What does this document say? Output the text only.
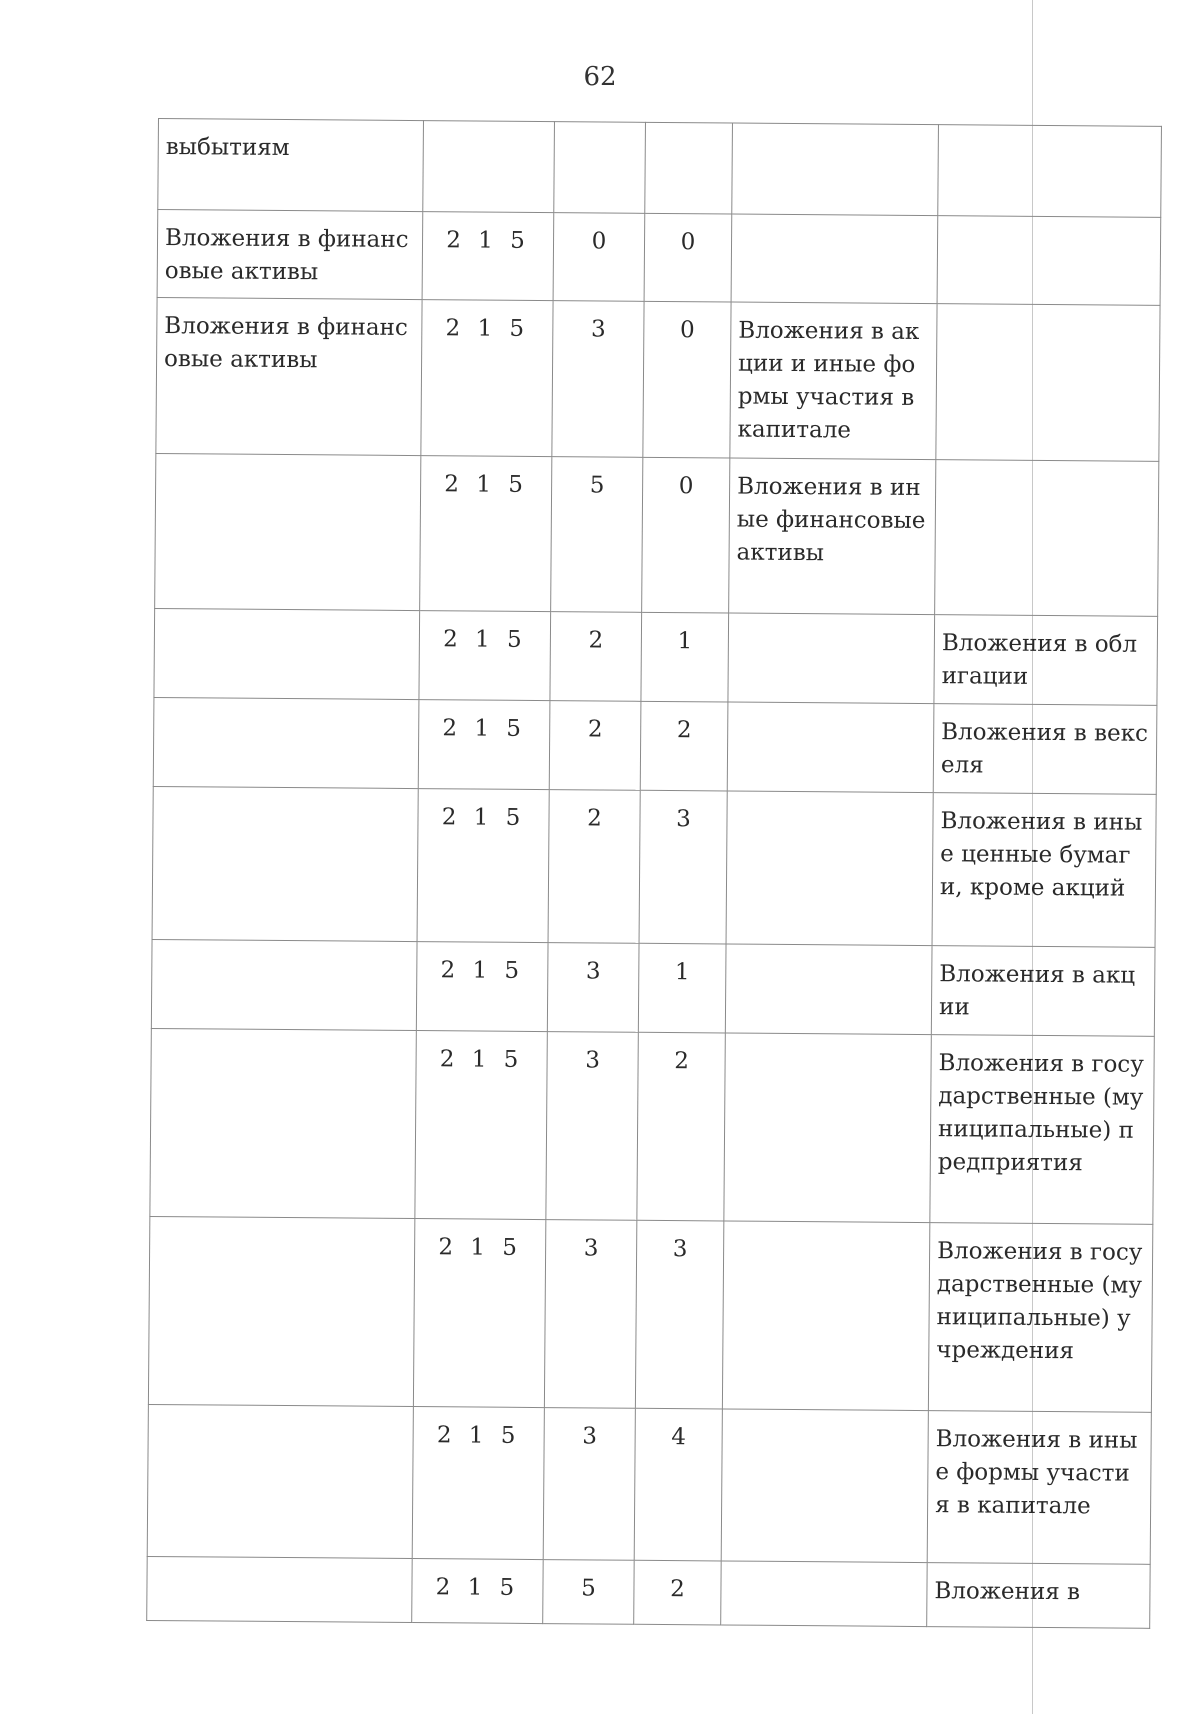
62
выбытиям					
Вложения в финансовые активы	2 1 5	0	0		
Вложения в финансовые активы	2 1 5	3	0	Вложения в акции и иные формы участия в капитале	
	2 1 5	5	0	Вложения в иные финансовые активы	
	2 1 5	2	1		Вложения в облигации
	2 1 5	2	2		Вложения в векселя
	2 1 5	2	3		Вложения в иные ценные бумаги, кроме акций
	2 1 5	3	1		Вложения в акции
	2 1 5	3	2		Вложения в государственные (муниципальные) предприятия
	2 1 5	3	3		Вложения в государственные (муниципальные) учреждения
	2 1 5	3	4		Вложения в иные формы участия в капитале
	2 1 5	5	2		Вложения в
